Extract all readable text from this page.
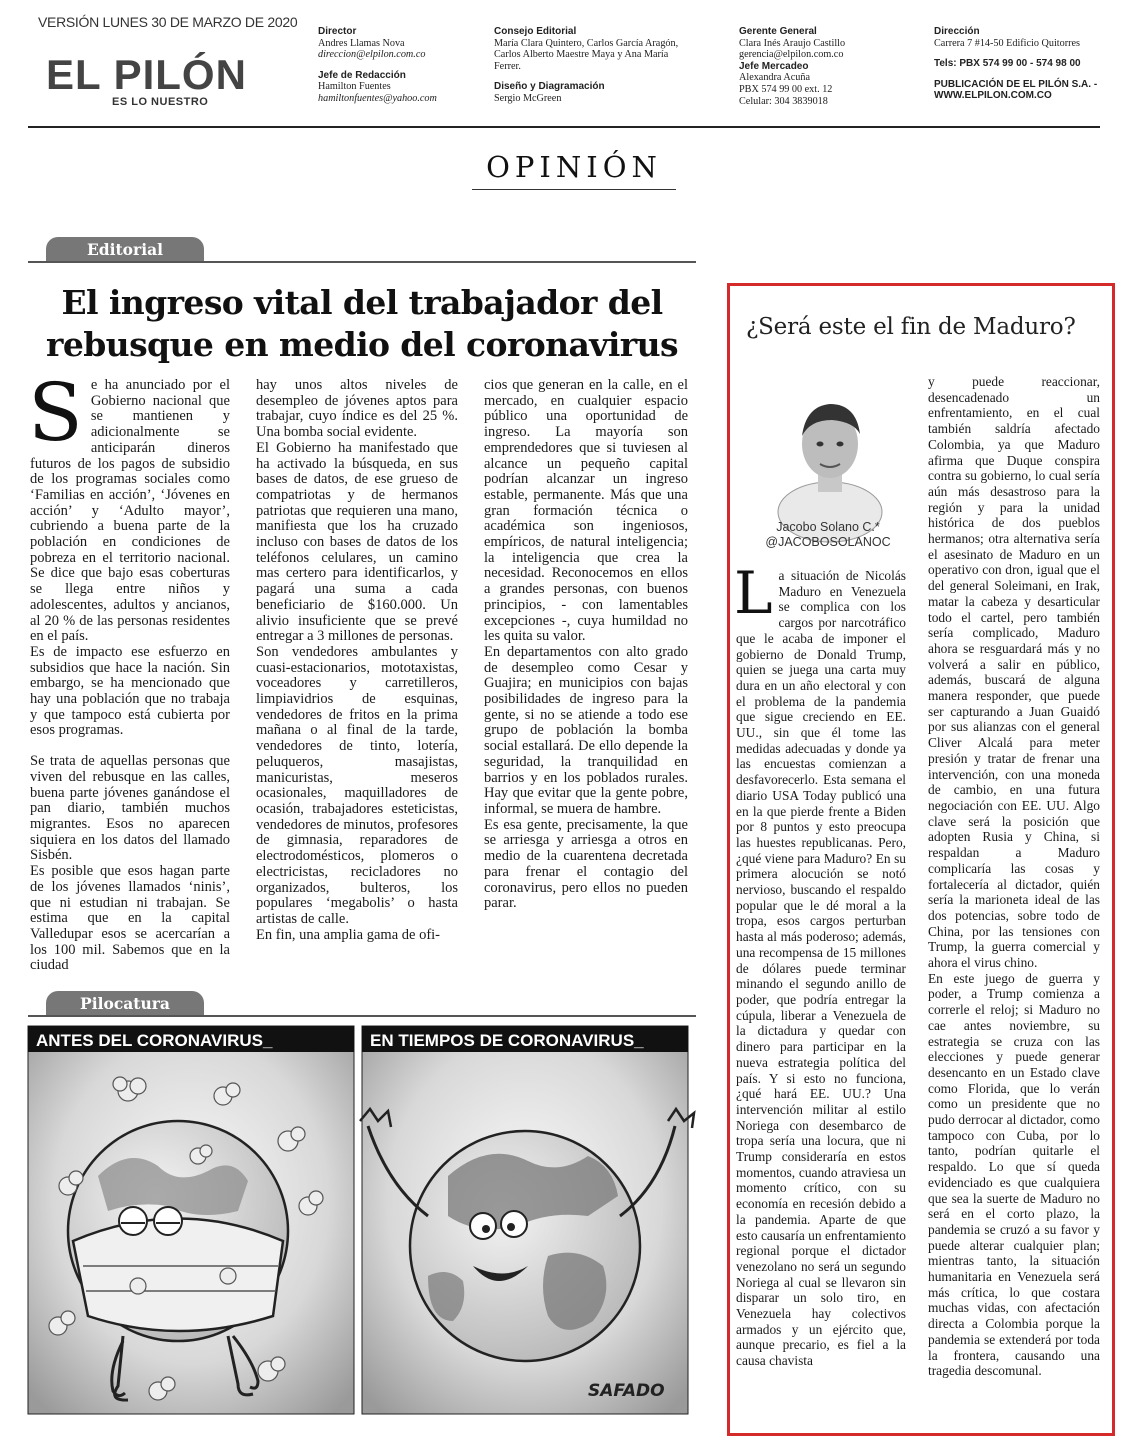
VERSIÓN LUNES 30 DE MARZO DE 2020
EL PILÓN
ES LO NUESTRO
Director
Andres Llamas Nova
direccion@elpilon.com.co
Jefe de Redacción
Hamilton Fuentes
hamiltonfuentes@yahoo.com
Consejo Editorial
María Clara Quintero, Carlos García Aragón,
Carlos Alberto Maestre Maya y Ana María
Ferrer.
Diseño y Diagramación
Sergio McGreen
Gerente General
Clara Inés Araujo Castillo
gerencia@elpilon.com.co
Jefe Mercadeo
Alexandra Acuña
PBX 574 99 00 ext. 12
Celular: 304 3839018
Dirección
Carrera 7 #14-50 Edificio Quitorres
Tels: PBX 574 99 00 - 574 98 00
PUBLICACIÓN DE EL PILÓN S.A. -
WWW.ELPILON.COM.CO
OPINIÓN
Editorial
El ingreso vital del trabajador del
rebusque en medio del coronavirus

Se ha anunciado por el Gobierno nacional que se mantienen y adicionalmente se anticiparán dineros futuros de los pagos de subsidio de los programas sociales como ‘Familias en acción’, ‘Jóvenes en acción’ y ‘Adulto mayor’, cubriendo a buena parte de la población en condiciones de pobreza en el territorio nacional. Se dice que bajo esas coberturas se llega entre niños y adolescentes, adultos y ancianos, al 20 % de las personas residentes en el país.

Es de impacto ese esfuerzo en subsidios que hace la nación. Sin embargo, se ha mencionado que hay una población que no trabaja y que tampoco está cubierta por esos programas.

Se trata de aquellas personas que viven del rebusque en las calles, buena parte jóvenes ganándose el pan diario, también muchos migrantes. Esos no aparecen siquiera en los datos del llamado Sisbén.

Es posible que esos hagan parte de los jóvenes llamados ‘ninis’, que ni estudian ni trabajan. Se estima que en la capital Valledupar esos se acercarían a los 100 mil. Sabemos que en la ciudad

hay unos altos niveles de desempleo de jóvenes aptos para trabajar, cuyo índice es del 25 %. Una bomba social evidente.

El Gobierno ha manifestado que ha activado la búsqueda, en sus bases de datos, de ese grueso de compatriotas y de hermanos patriotas que requieren una mano, manifiesta que los ha cruzado incluso con bases de datos de los teléfonos celulares, un camino mas certero para identificarlos, y pagará una suma a cada beneficiario de $160.000. Un alivio insuficiente que se prevé entregar a 3 millones de personas.

Son vendedores ambulantes y cuasi-estacionarios, mototaxistas, voceadores y carretilleros, limpiavidrios de esquinas, vendedores de fritos en la prima mañana o al final de la tarde, vendedores de tinto, lotería, peluqueros, masajistas, manicuristas, meseros ocasionales, maquilladores de ocasión, trabajadores esteticistas, vendedores de minutos, profesores de gimnasia, reparadores de electrodomésticos, plomeros o electricistas, recicladores no organizados, bulteros, los populares ‘megabolis’ o hasta artistas de calle.

En fin, una amplia gama de ofi-

cios que generan en la calle, en el mercado, en cualquier espacio público una oportunidad de ingreso. La mayoría son emprendedores que si tuviesen al alcance un pequeño capital podrían alcanzar un ingreso estable, permanente. Más que una gran formación técnica o académica son ingeniosos, empíricos, de natural inteligencia; la inteligencia que crea la necesidad. Reconocemos en ellos a grandes personas, con buenos principios, - con lamentables excepciones -, cuya humildad no les quita su valor.

En departamentos con alto grado de desempleo como Cesar y Guajira; en municipios con bajas posibilidades de ingreso para la gente, si no se atiende a todo ese grupo de población la bomba social estallará. De ello depende la seguridad, la tranquilidad en barrios y en los poblados rurales. Hay que evitar que la gente pobre, informal, se muera de hambre.

Es esa gente, precisamente, la que se arriesga y arriesga a otros en medio de la cuarentena decretada para frenar el contagio del coronavirus, pero ellos no pueden parar.

Pilocatura
ANTES DEL CORONAVIRUS_	EN TIEMPOS DE CORONAVIRUS_
SAFADO
¿Será este el fin de Maduro?
Jacobo Solano C.*
@JACOBOSOLANOC

La situación de Nicolás Maduro en Venezuela se complica con los cargos por narcotráfico que le acaba de imponer el gobierno de Donald Trump, quien se juega una carta muy dura en un año electoral y con el problema de la pandemia que sigue creciendo en EE. UU., sin que él tome las medidas adecuadas y donde ya las encuestas comienzan a desfavorecerlo. Esta semana el diario USA Today publicó una en la que pierde frente a Biden por 8 puntos y esto preocupa las huestes republicanas. Pero, ¿qué viene para Maduro? En su primera alocución se notó nervioso, buscando el respaldo popular que le dé moral a la tropa, esos cargos perturban hasta al más poderoso; además, una recompensa de 15 millones de dólares puede terminar minando el segundo anillo de poder, que podría entregar la cúpula, liberar a Venezuela de la dictadura y quedar con dinero para participar en la nueva estrategia política del país. Y si esto no funciona, ¿qué hará EE. UU.? Una intervención militar al estilo Noriega con desembarco de tropa sería una locura, que ni Trump consideraría en estos momentos, cuando atraviesa un momento crítico, con su economía en recesión debido a la pandemia. Aparte de que esto causaría un enfrentamiento regional porque el dictador venezolano no será un segundo Noriega al cual se llevaron sin disparar un solo tiro, en Venezuela hay colectivos armados y un ejército que, aunque precario, es fiel a la causa chavista

y puede reaccionar, desencadenado un enfrentamiento, en el cual también saldría afectado Colombia, ya que Maduro afirma que Duque conspira contra su gobierno, lo cual sería aún más desastroso para la región y para la unidad histórica de dos pueblos hermanos; otra alternativa sería el asesinato de Maduro en un operativo con dron, igual que el del general Soleimani, en Irak, matar la cabeza y desarticular todo el cartel, pero también sería complicado, Maduro ahora se resguardará más y no volverá a salir en público, además, buscará de alguna manera responder, que puede ser capturando a Juan Guaidó por sus alianzas con el general Cliver Alcalá para meter presión y tratar de frenar una intervención, con una moneda de cambio, en una futura negociación con EE. UU. Algo clave será la posición que adopten Rusia y China, si respaldan a Maduro complicaría las cosas y fortalecería al dictador, quién sería la marioneta ideal de las dos potencias, sobre todo de China, por las tensiones con Trump, la guerra comercial y ahora el virus chino.

En este juego de guerra y poder, a Trump comienza a correrle el reloj; si Maduro no cae antes noviembre, su estrategia se cruza con las elecciones y puede generar desencanto en un Estado clave como Florida, que lo verán como un presidente que no pudo derrocar al dictador, como tampoco con Cuba, por lo tanto, podrían quitarle el respaldo. Lo que sí queda evidenciado es que cualquiera que sea la suerte de Maduro no será en el corto plazo, la pandemia se cruzó a su favor y puede alterar cualquier plan; mientras tanto, la situación humanitaria en Venezuela será más crítica, lo que costara muchas vidas, con afectación directa a Colombia porque la pandemia se extenderá por toda la frontera, causando una tragedia descomunal.
